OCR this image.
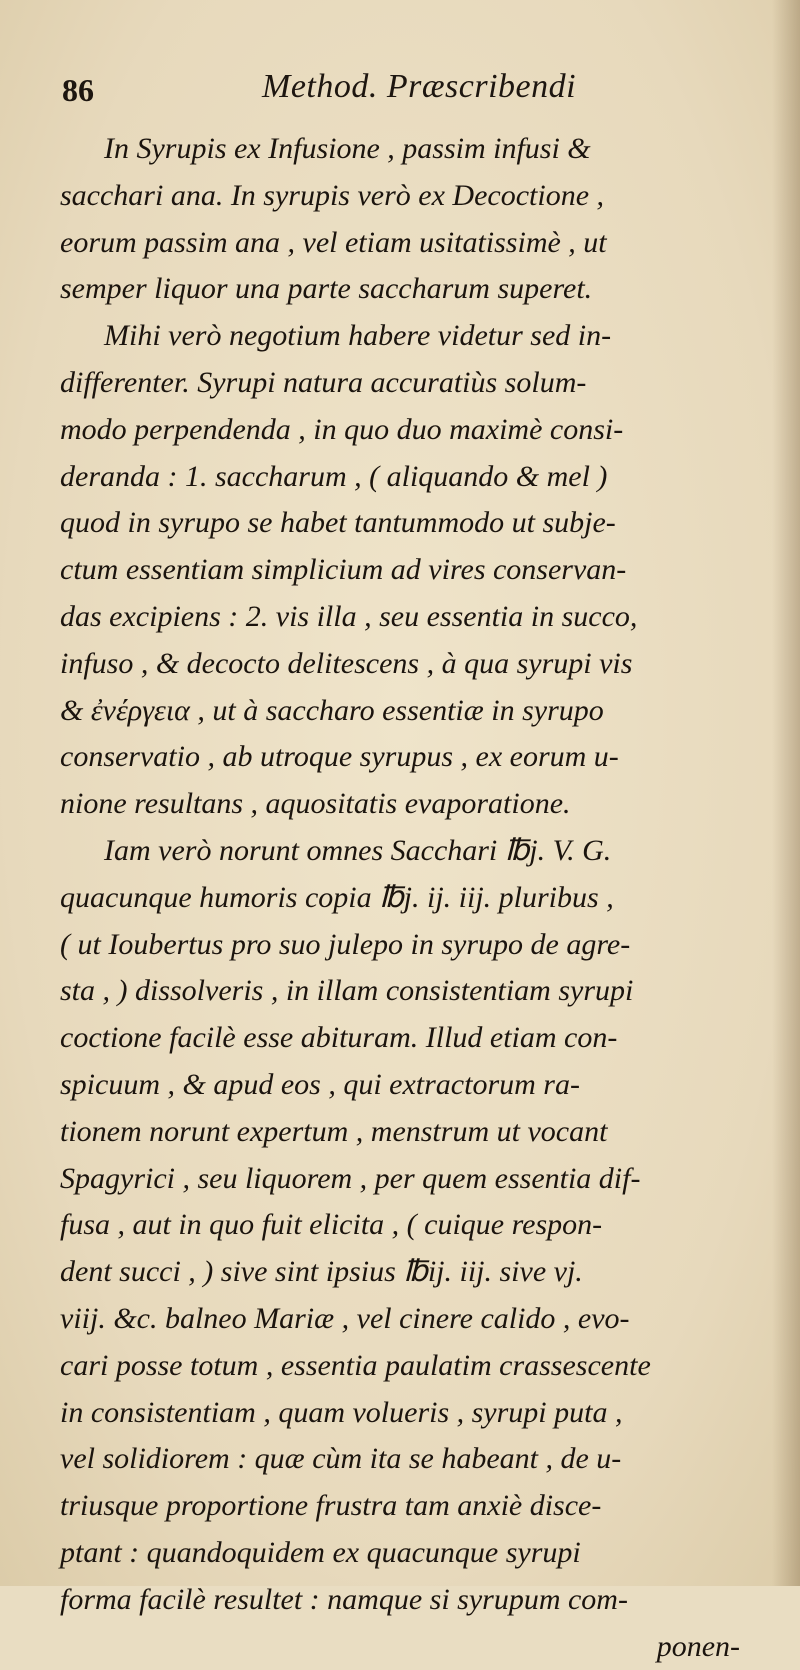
86	Method. Præscribendi
In Syrupis ex Infusione , passim infusi &
sacchari ana. In syrupis verò ex Decoctione ,
eorum passim ana , vel etiam usitatissimè , ut
semper liquor una parte saccharum superet.
Mihi verò negotium habere videtur sed in-
differenter. Syrupi natura accuratiùs solum-
modo perpendenda , in quo duo maximè consi-
deranda : 1. saccharum , ( aliquando & mel )
quod in syrupo se habet tantummodo ut subje-
ctum essentiam simplicium ad vires conservan-
das excipiens : 2. vis illa , seu essentia in succo,
infuso , & decocto delitescens , à qua syrupi vis
& ἐνέργεια , ut à saccharo essentiæ in syrupo
conservatio , ab utroque syrupus , ex eorum u-
nione resultans , aquositatis evaporatione.
Iam verò norunt omnes Sacchari ℔j. V. G.
quacunque humoris copia ℔j. ij. iij. pluribus ,
( ut Ioubertus pro suo julepo in syrupo de agre-
sta , ) dissolveris , in illam consistentiam syrupi
coctione facilè esse abituram. Illud etiam con-
spicuum , & apud eos , qui extractorum ra-
tionem norunt expertum , menstrum ut vocant
Spagyrici , seu liquorem , per quem essentia dif-
fusa , aut in quo fuit elicita , ( cuique respon-
dent succi , ) sive sint ipsius ℔ij. iij. sive vj.
viij. &c. balneo Mariæ , vel cinere calido , evo-
cari posse totum , essentia paulatim crassescente
in consistentiam , quam volueris , syrupi puta ,
vel solidiorem : quæ cùm ita se habeant , de u-
triusque proportione frustra tam anxiè disce-
ptant : quandoquidem ex quacunque syrupi
forma facilè resultet : namque si syrupum com-
ponen-
